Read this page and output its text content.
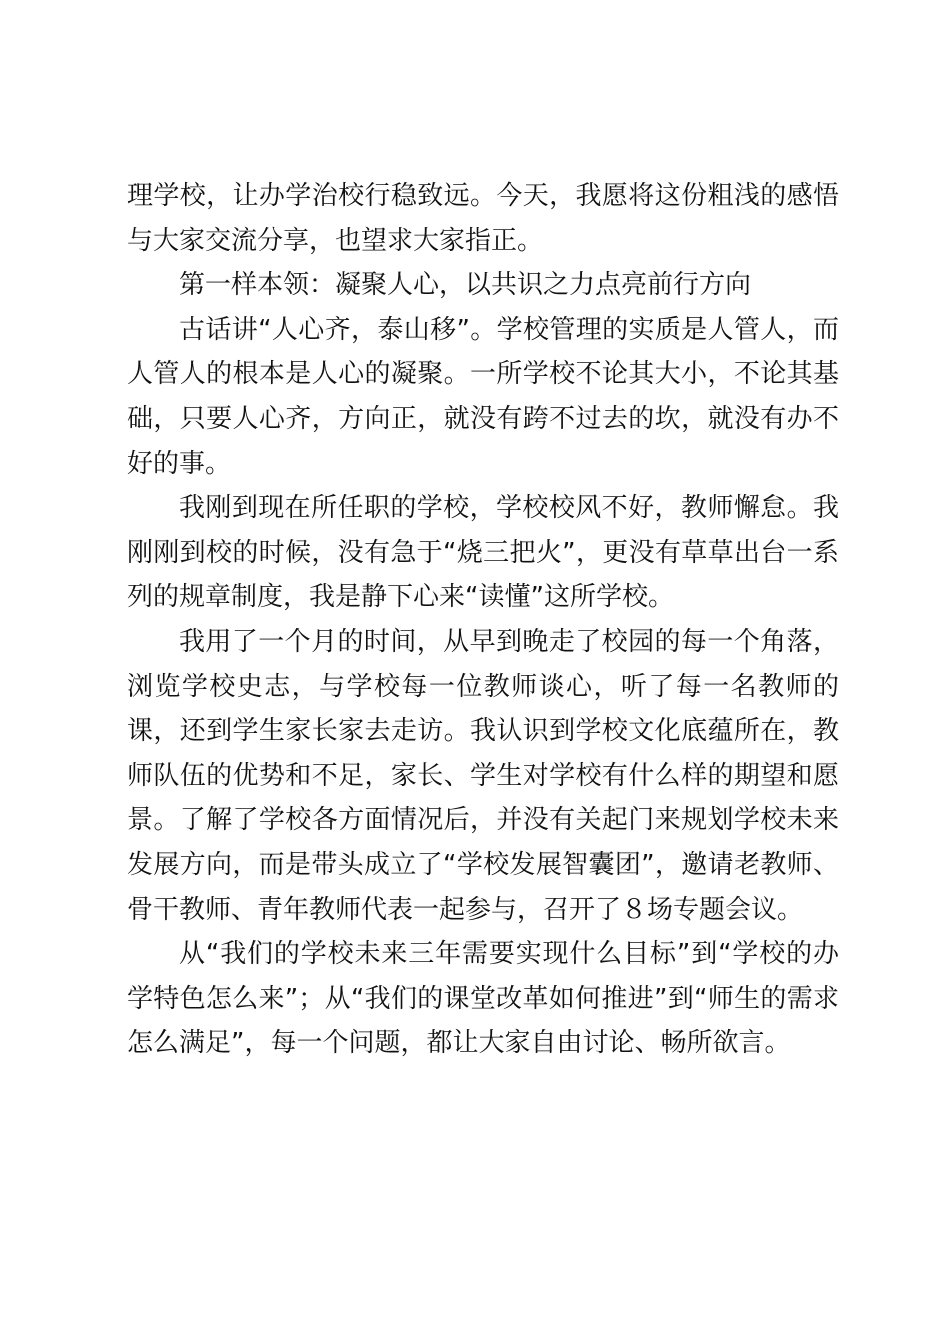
理学校，让办学治校行稳致远。今天，我愿将这份粗浅的感悟与大家交流分享，也望求大家指正。

第一样本领：凝聚人心，以共识之力点亮前行方向

古话讲“人心齐，泰山移”。学校管理的实质是人管人，而人管人的根本是人心的凝聚。一所学校不论其大小，不论其基础，只要人心齐，方向正，就没有跨不过去的坎，就没有办不好的事。

我刚到现在所任职的学校，学校校风不好，教师懈怠。我刚刚到校的时候，没有急于“烧三把火”，更没有草草出台一系列的规章制度，我是静下心来“读懂”这所学校。

我用了一个月的时间，从早到晚走了校园的每一个角落，浏览学校史志，与学校每一位教师谈心，听了每一名教师的课，还到学生家长家去走访。我认识到学校文化底蕴所在，教师队伍的优势和不足，家长、学生对学校有什么样的期望和愿景。了解了学校各方面情况后，并没有关起门来规划学校未来发展方向，而是带头成立了“学校发展智囊团”，邀请老教师、骨干教师、青年教师代表一起参与，召开了８场专题会议。

从“我们的学校未来三年需要实现什么目标”到“学校的办学特色怎么来”；从“我们的课堂改革如何推进”到“师生的需求怎么满足”，每一个问题，都让大家自由讨论、畅所欲言。
